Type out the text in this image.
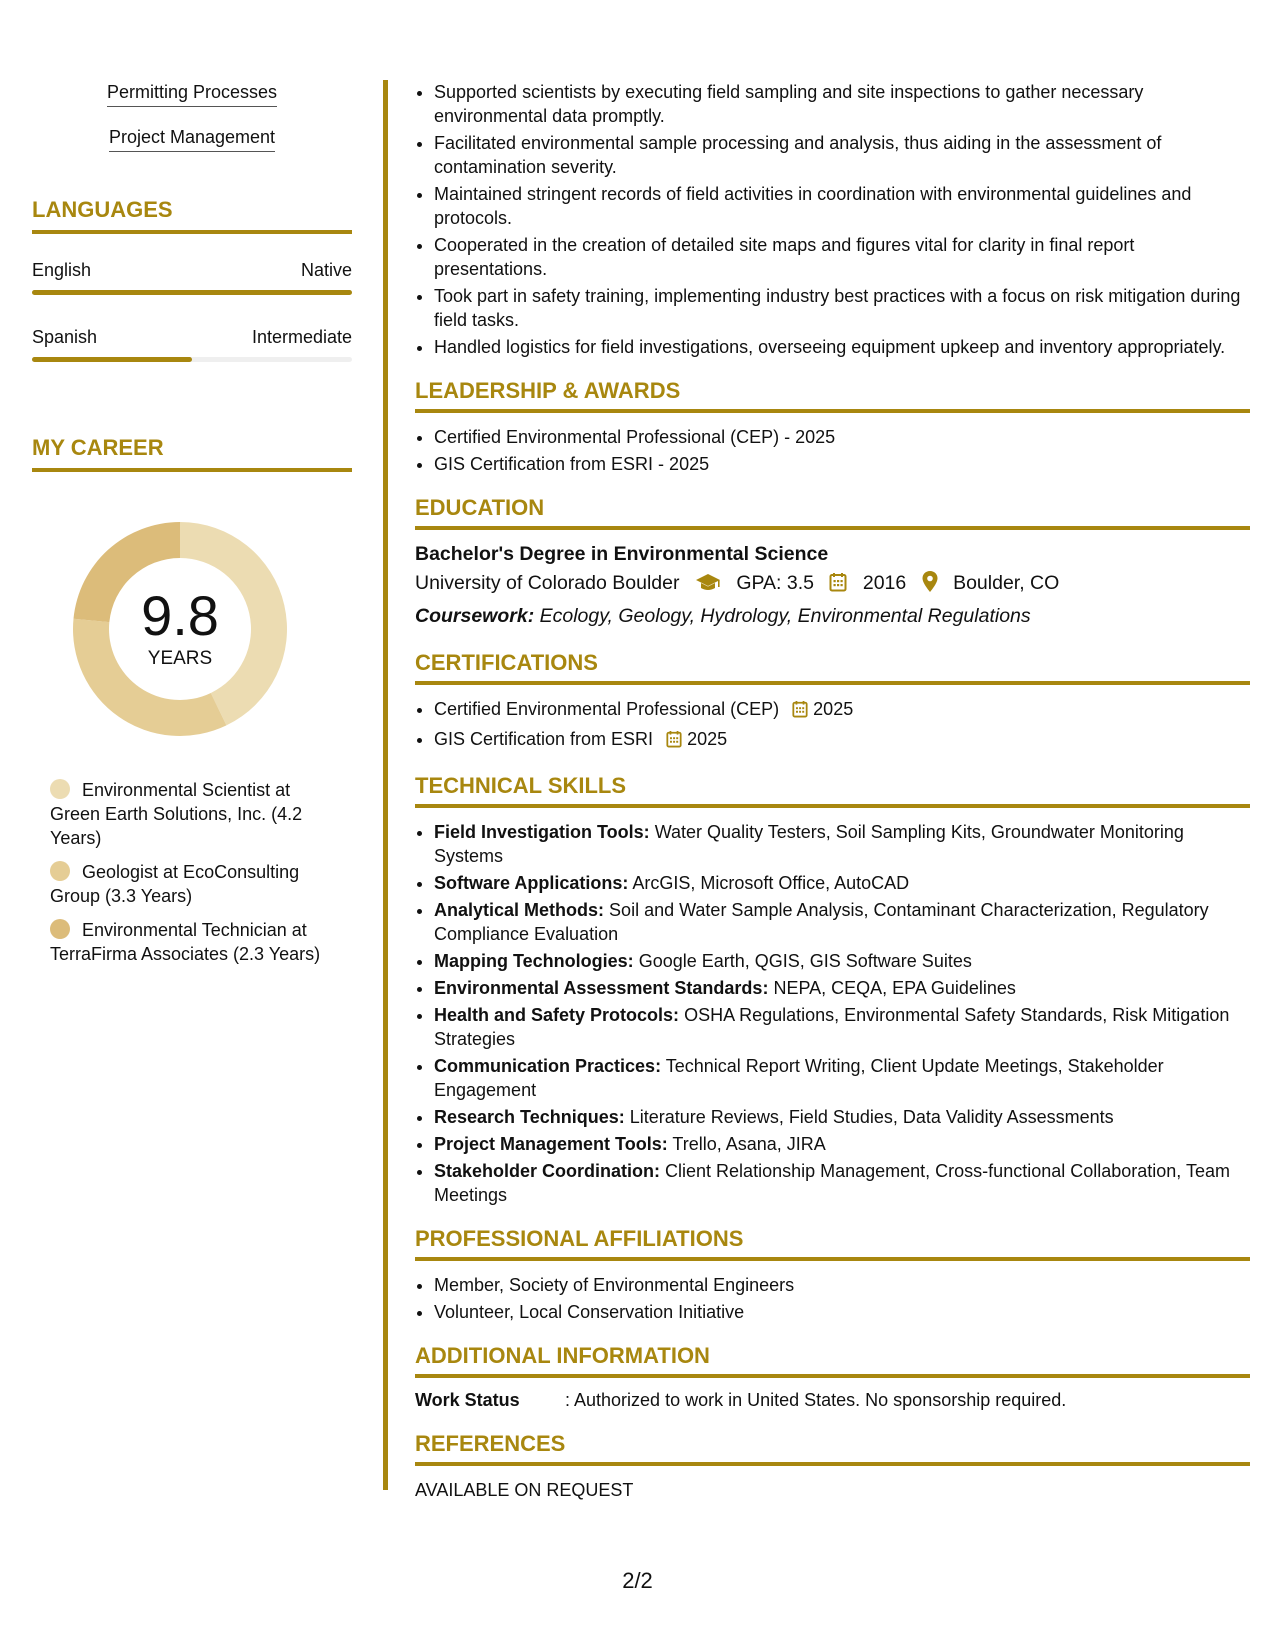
Permitting Processes
Project Management
LANGUAGES
English	Native
Spanish	Intermediate
MY CAREER
9.8
YEARS
Environmental Scientist at Green Earth Solutions, Inc. (4.2 Years)
Geologist at EcoConsulting Group (3.3 Years)
Environmental Technician at TerraFirma Associates (2.3 Years)
• Supported scientists by executing field sampling and site inspections to gather necessary environmental data promptly.
• Facilitated environmental sample processing and analysis, thus aiding in the assessment of contamination severity.
• Maintained stringent records of field activities in coordination with environmental guidelines and protocols.
• Cooperated in the creation of detailed site maps and figures vital for clarity in final report presentations.
• Took part in safety training, implementing industry best practices with a focus on risk mitigation during field tasks.
• Handled logistics for field investigations, overseeing equipment upkeep and inventory appropriately.
LEADERSHIP & AWARDS
• Certified Environmental Professional (CEP) - 2025
• GIS Certification from ESRI - 2025
EDUCATION
Bachelor's Degree in Environmental Science
University of Colorado Boulder	GPA: 3.5	2016 Boulder, CO
Coursework: Ecology, Geology, Hydrology, Environmental Regulations
CERTIFICATIONS
• Certified Environmental Professional (CEP) 2025
• GIS Certification from ESRI 2025
TECHNICAL SKILLS
• Field Investigation Tools: Water Quality Testers, Soil Sampling Kits, Groundwater Monitoring Systems
• Software Applications: ArcGIS, Microsoft Office, AutoCAD
• Analytical Methods: Soil and Water Sample Analysis, Contaminant Characterization, Regulatory Compliance Evaluation
• Mapping Technologies: Google Earth, QGIS, GIS Software Suites
• Environmental Assessment Standards: NEPA, CEQA, EPA Guidelines
• Health and Safety Protocols: OSHA Regulations, Environmental Safety Standards, Risk Mitigation Strategies
• Communication Practices: Technical Report Writing, Client Update Meetings, Stakeholder Engagement
• Research Techniques: Literature Reviews, Field Studies, Data Validity Assessments
• Project Management Tools: Trello, Asana, JIRA
• Stakeholder Coordination: Client Relationship Management, Cross-functional Collaboration, Team Meetings
PROFESSIONAL AFFILIATIONS
• Member, Society of Environmental Engineers
• Volunteer, Local Conservation Initiative
ADDITIONAL INFORMATION
Work Status	: Authorized to work in United States. No sponsorship required.
REFERENCES
AVAILABLE ON REQUEST
2/2
